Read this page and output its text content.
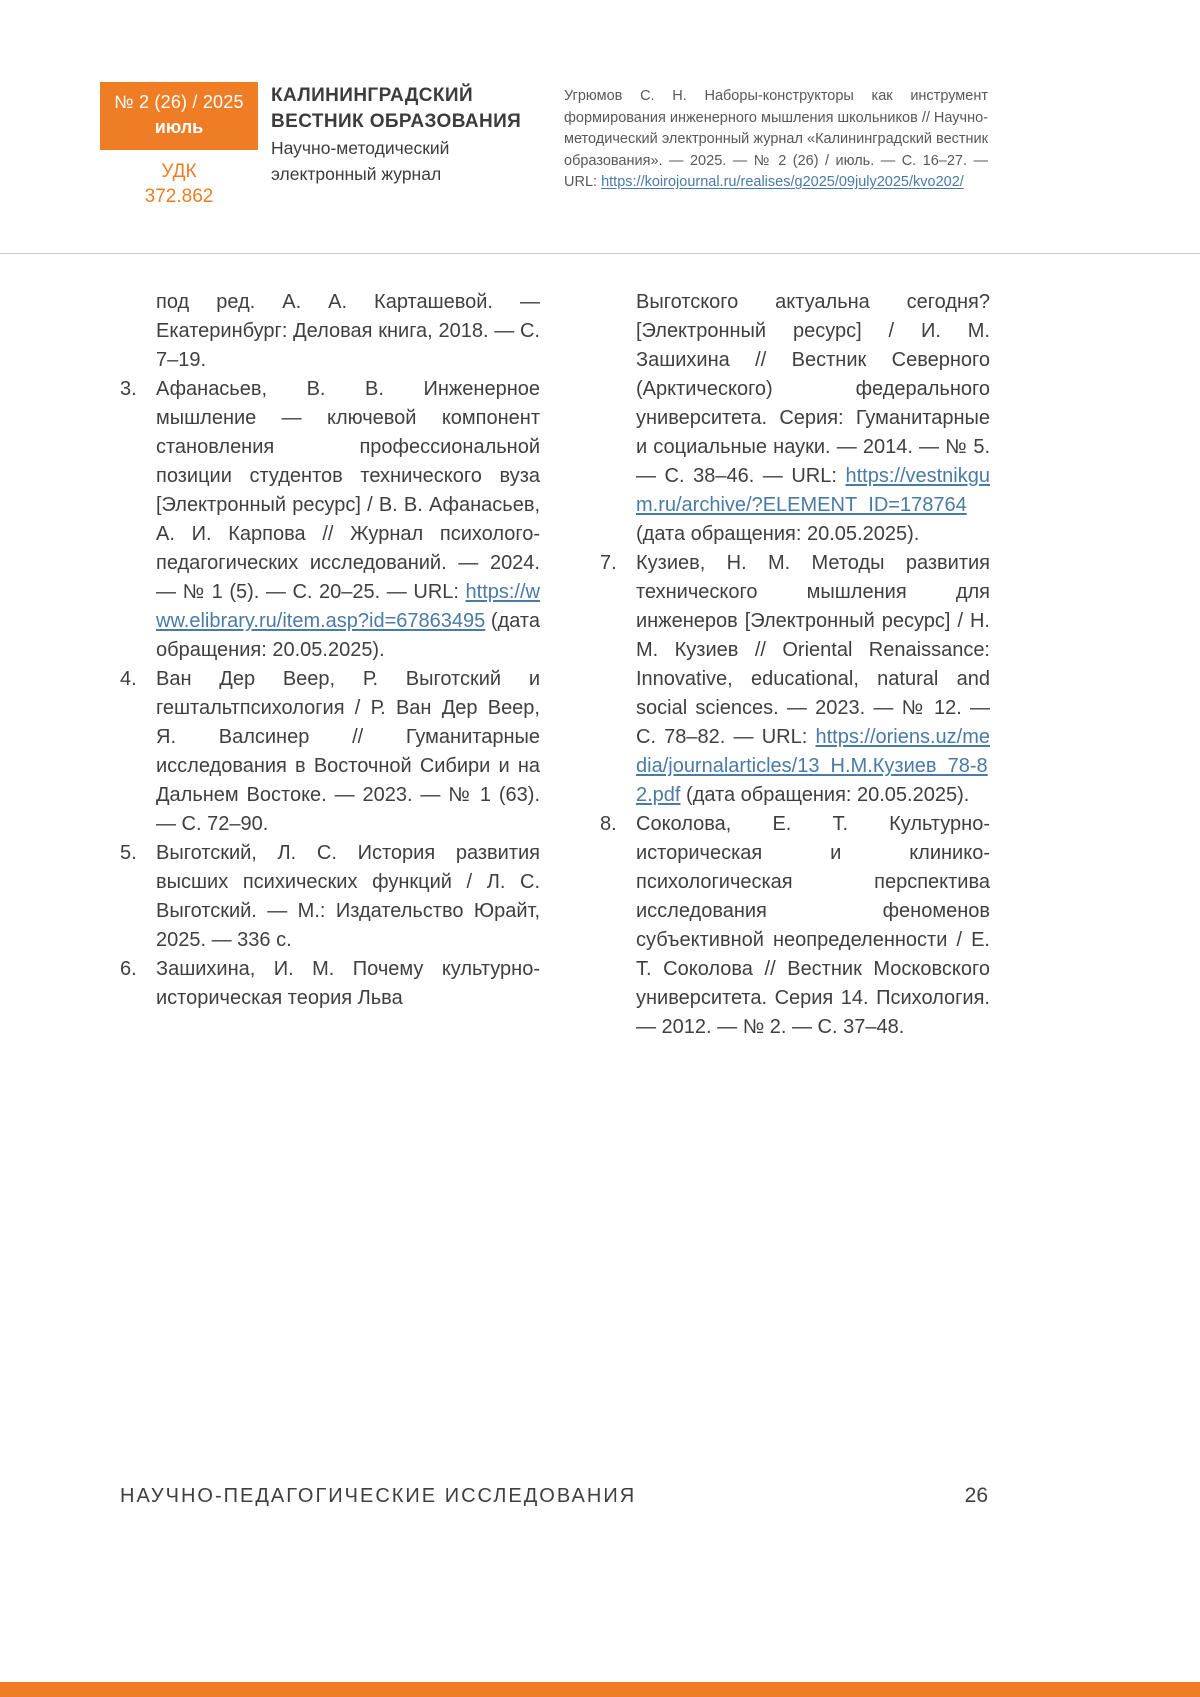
№ 2 (26) / 2025
июль
УДК
372.862
КАЛИНИНГРАДСКИЙ
ВЕСТНИК ОБРАЗОВАНИЯ
Научно-методический
электронный журнал
Угрюмов С. Н. Наборы-конструкторы как инструмент формирования инженерного мышления школьников // Научно-методический электронный журнал «Калининградский вестник образования». — 2025. — № 2 (26) / июль. — С. 16–27. — URL: https://koirojournal.ru/realises/g2025/09july2025/kvo202/
под ред. А. А. Карташевой. — Екатеринбург: Деловая книга, 2018. — С. 7–19.
3. Афанасьев, В. В. Инженерное мышление — ключевой компонент становления профессиональной позиции студентов технического вуза [Электронный ресурс] / В. В. Афанасьев, А. И. Карпова // Журнал психолого-педагогических исследований. — 2024. — № 1 (5). — С. 20–25. — URL: https://www.elibrary.ru/item.asp?id=67863495 (дата обращения: 20.05.2025).
4. Ван Дер Веер, Р. Выготский и гештальтпсихология / Р. Ван Дер Веер, Я. Валсинер // Гуманитарные исследования в Восточной Сибири и на Дальнем Востоке. — 2023. — № 1 (63). — С. 72–90.
5. Выготский, Л. С. История развития высших психических функций / Л. С. Выготский. — М.: Издательство Юрайт, 2025. — 336 с.
6. Зашихина, И. М. Почему культурно-историческая теория Льва
Выготского актуальна сегодня? [Электронный ресурс] / И. М. Зашихина // Вестник Северного (Арктического) федерального университета. Серия: Гуманитарные и социальные науки. — 2014. — № 5. — С. 38–46. — URL: https://vestnikgum.ru/archive/?ELEMENT_ID=178764 (дата обращения: 20.05.2025).
7. Кузиев, Н. М. Методы развития технического мышления для инженеров [Электронный ресурс] / Н. М. Кузиев // Oriental Renaissance: Innovative, educational, natural and social sciences. — 2023. — № 12. — С. 78–82. — URL: https://oriens.uz/media/journalarticles/13_Н.М.Кузиев_78-82.pdf (дата обращения: 20.05.2025).
8. Соколова, Е. Т. Культурно-историческая и клинико-психологическая перспектива исследования феноменов субъективной неопределенности / Е. Т. Соколова // Вестник Московского университета. Серия 14. Психология. — 2012. — № 2. — С. 37–48.
НАУЧНО-ПЕДАГОГИЧЕСКИЕ ИССЛЕДОВАНИЯ	26
